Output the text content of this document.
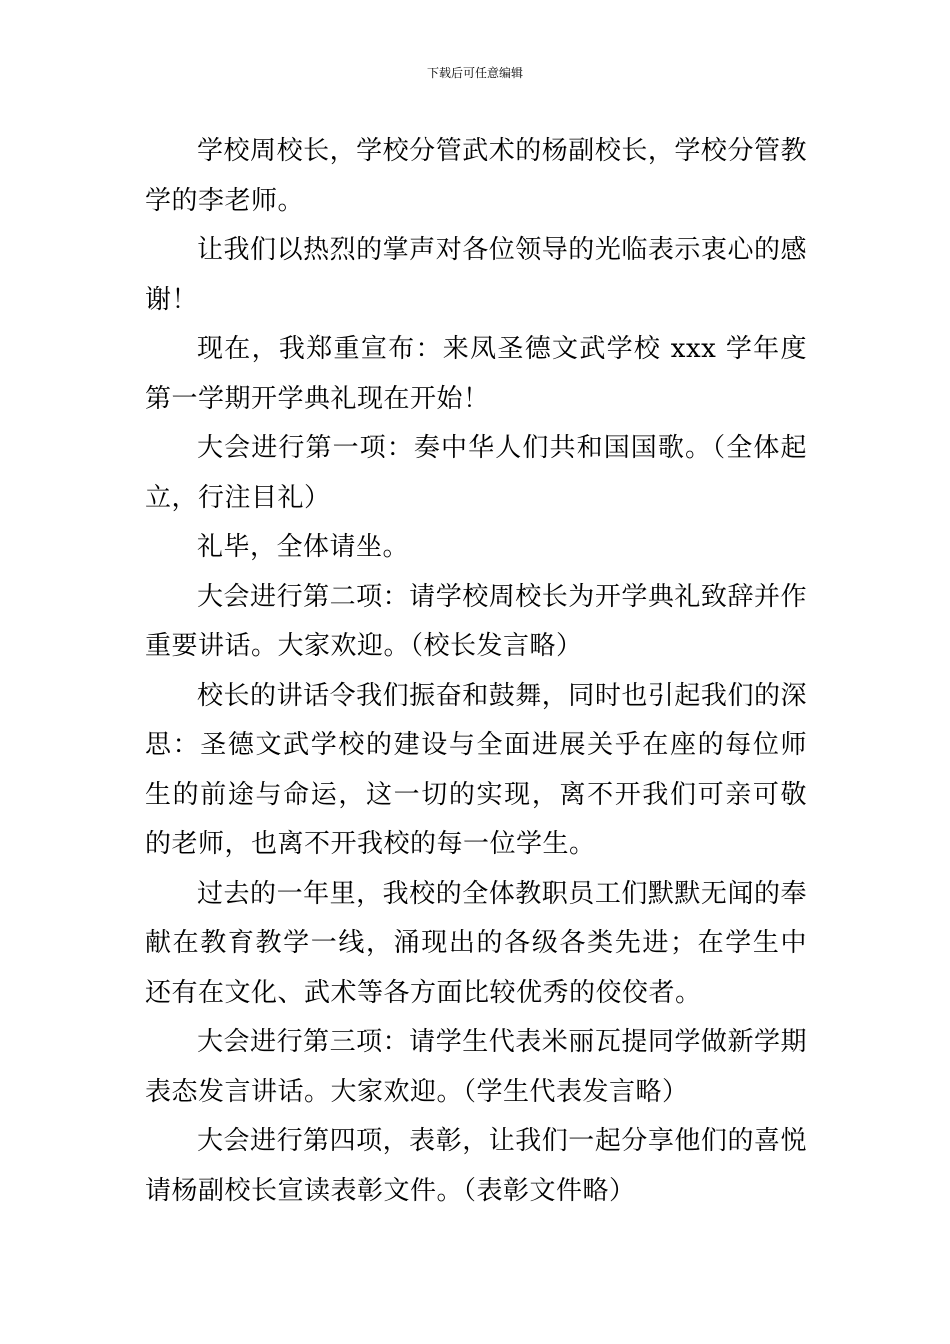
下载后可任意编辑

学校周校长，学校分管武术的杨副校长，学校分管教学的李老师。

让我们以热烈的掌声对各位领导的光临表示衷心的感谢！

现在，我郑重宣布：来凤圣德文武学校 xxx 学年度第一学期开学典礼现在开始！

大会进行第一项：奏中华人们共和国国歌。（全体起立，行注目礼）

礼毕，全体请坐。

大会进行第二项：请学校周校长为开学典礼致辞并作重要讲话。大家欢迎。（校长发言略）

校长的讲话令我们振奋和鼓舞，同时也引起我们的深思：圣德文武学校的建设与全面进展关乎在座的每位师生的前途与命运，这一切的实现，离不开我们可亲可敬的老师，也离不开我校的每一位学生。

过去的一年里，我校的全体教职员工们默默无闻的奉献在教育教学一线，涌现出的各级各类先进；在学生中还有在文化、武术等各方面比较优秀的佼佼者。

大会进行第三项：请学生代表米丽瓦提同学做新学期表态发言讲话。大家欢迎。（学生代表发言略）

大会进行第四项，表彰，让我们一起分享他们的喜悦请杨副校长宣读表彰文件。（表彰文件略）
